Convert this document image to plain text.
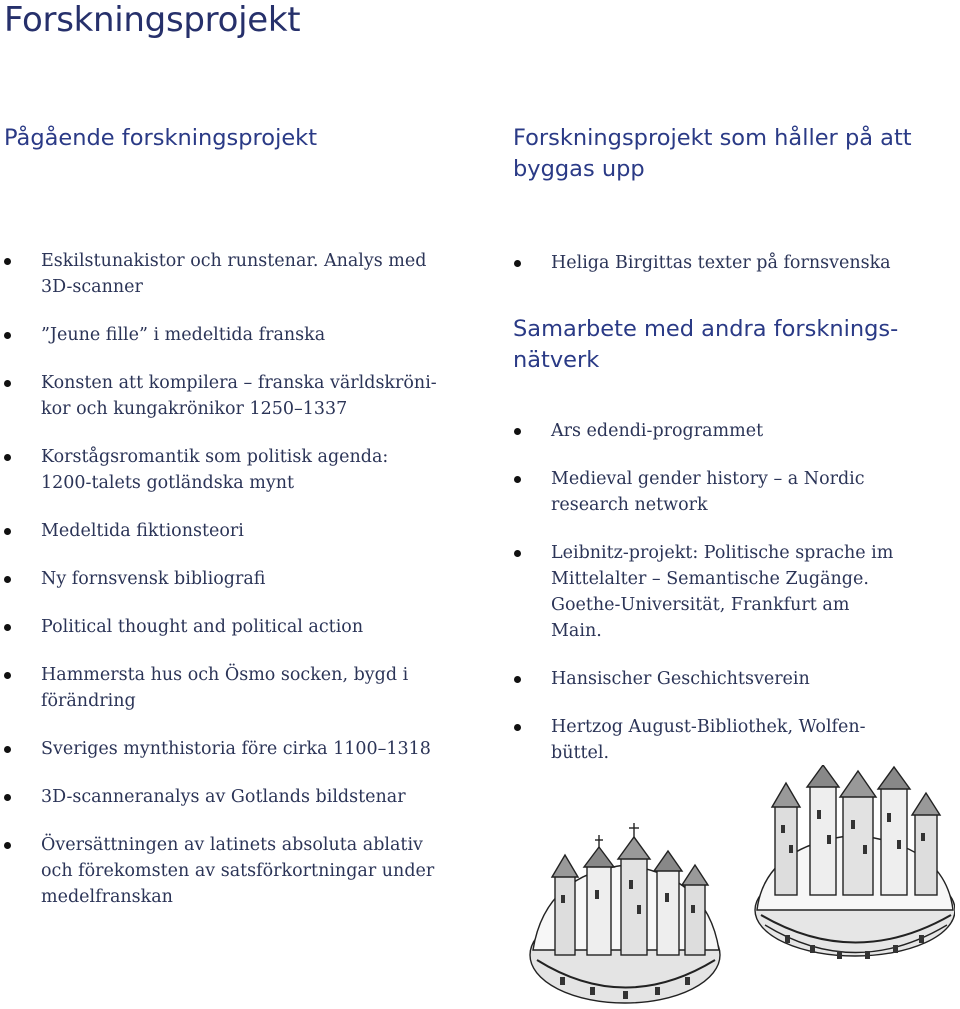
Forskningsprojekt
Pågående forskningsprojekt
Eskilstunakistor och runstenar. Analys med
3D-scanner
”Jeune fille” i medeltida franska
Konsten att kompilera – franska världskröni-
kor och kungakrönikor 1250–1337
Korstågsromantik som politisk agenda:
1200-talets gotländska mynt
Medeltida fiktionsteori
Ny fornsvensk bibliografi
Political thought and political action
Hammersta hus och Ösmo socken, bygd i
förändring
Sveriges mynthistoria före cirka 1100–1318
3D-scanneranalys av Gotlands bildstenar
Översättningen av latinets absoluta ablativ
och förekomsten av satsförkortningar under
medelfranskan
Forskningsprojekt som håller på att
byggas upp
Heliga Birgittas texter på fornsvenska
Samarbete med andra forsknings-
nätverk
Ars edendi-programmet
Medieval gender history – a Nordic
research network
Leibnitz-projekt: Politische sprache im
Mittelalter – Semantische Zugänge.
Goethe-Universität, Frankfurt am
Main.
Hansischer Geschichtsverein
Hertzog August-Bibliothek, Wolfen-
büttel.
